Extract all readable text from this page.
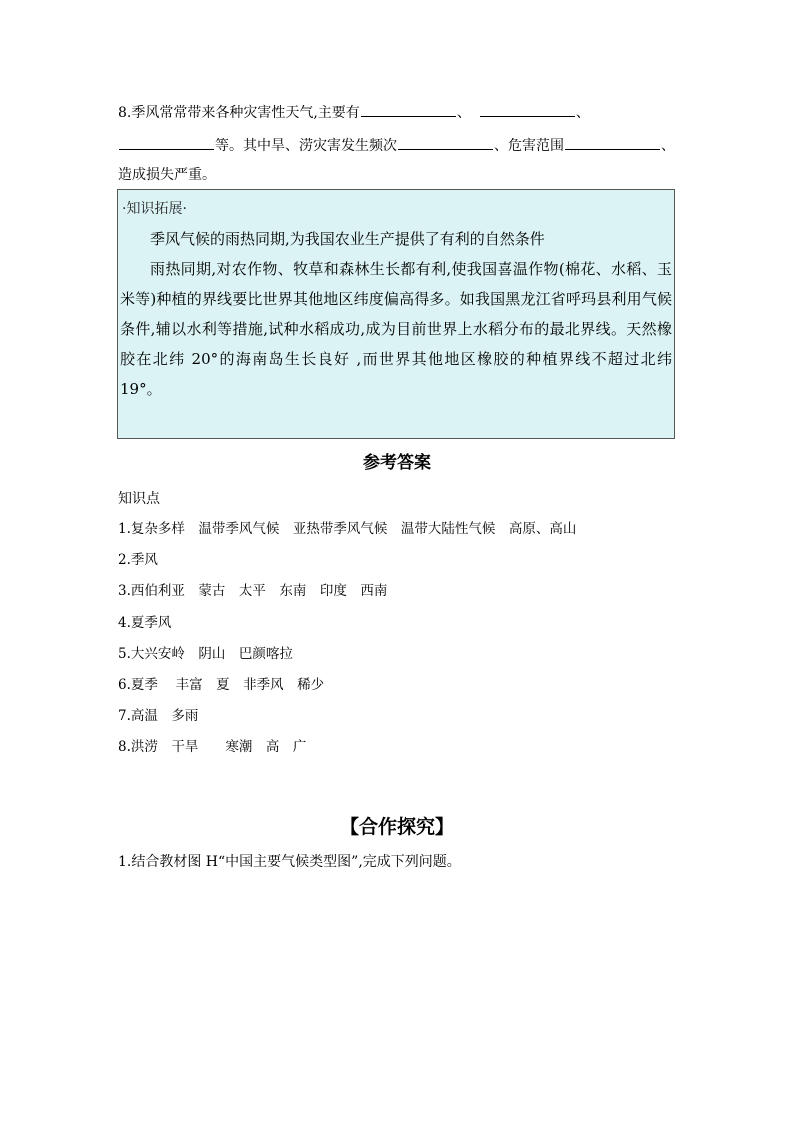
8.季风常常带来各种灾害性天气,主要有	、	、
等。其中旱、涝灾害发生频次	、危害范围	、
造成损失严重。
·知识拓展·
季风气候的雨热同期,为我国农业生产提供了有利的自然条件
雨热同期,对农作物、牧草和森林生长都有利,使我国喜温作物(棉花、水稻、玉米等)种植的界线要比世界其他地区纬度偏高得多。如我国黑龙江省呼玛县利用气候条件,辅以水利等措施,试种水稻成功,成为目前世界上水稻分布的最北界线。天然橡胶在北纬 20°的海南岛生长良好 ,而世界其他地区橡胶的种植界线不超过北纬 19°。
参考答案
知识点
1.复杂多样　温带季风气候　亚热带季风气候　温带大陆性气候　高原、高山
2.季风
3.西伯利亚　蒙古　太平　东南　印度　西南
4.夏季风
5.大兴安岭　阴山　巴颜喀拉
6.夏季　 丰富　夏　非季风　稀少
7.高温　多雨
8.洪涝　干旱　　寒潮　高　广
【合作探究】
1.结合教材图 H“中国主要气候类型图”,完成下列问题。
